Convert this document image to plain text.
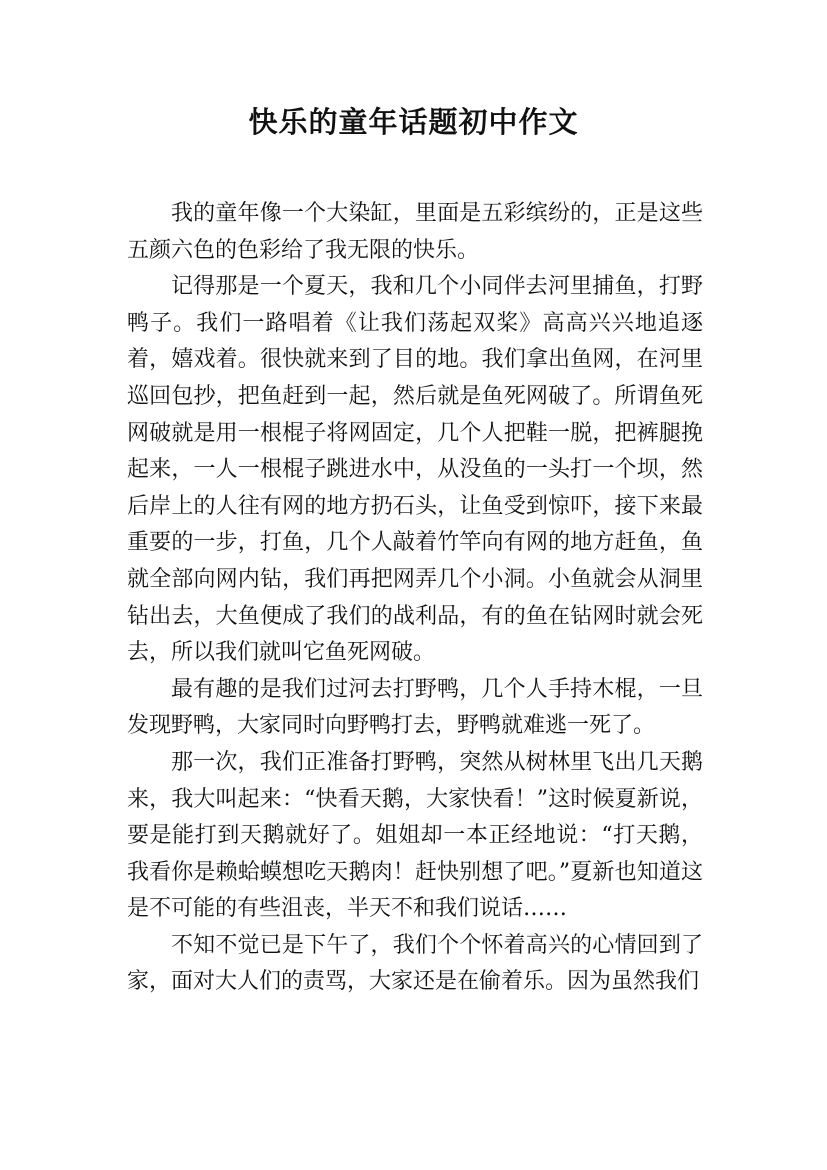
快乐的童年话题初中作文

我的童年像一个大染缸，里面是五彩缤纷的，正是这些五颜六色的色彩给了我无限的快乐。

记得那是一个夏天，我和几个小同伴去河里捕鱼，打野鸭子。我们一路唱着《让我们荡起双桨》高高兴兴地追逐着，嬉戏着。很快就来到了目的地。我们拿出鱼网，在河里巡回包抄，把鱼赶到一起，然后就是鱼死网破了。所谓鱼死网破就是用一根棍子将网固定，几个人把鞋一脱，把裤腿挽起来，一人一根棍子跳进水中，从没鱼的一头打一个坝，然后岸上的人往有网的地方扔石头，让鱼受到惊吓，接下来最重要的一步，打鱼，几个人敲着竹竿向有网的地方赶鱼，鱼就全部向网内钻，我们再把网弄几个小洞。小鱼就会从洞里钻出去，大鱼便成了我们的战利品，有的鱼在钻网时就会死去，所以我们就叫它鱼死网破。

最有趣的是我们过河去打野鸭，几个人手持木棍，一旦发现野鸭，大家同时向野鸭打去，野鸭就难逃一死了。

那一次，我们正准备打野鸭，突然从树林里飞出几天鹅来，我大叫起来：“快看天鹅，大家快看！”这时候夏新说，要是能打到天鹅就好了。姐姐却一本正经地说：“打天鹅，我看你是赖蛤蟆想吃天鹅肉！赶快别想了吧。”夏新也知道这是不可能的有些沮丧，半天不和我们说话……

不知不觉已是下午了，我们个个怀着高兴的心情回到了家，面对大人们的责骂，大家还是在偷着乐。因为虽然我们
